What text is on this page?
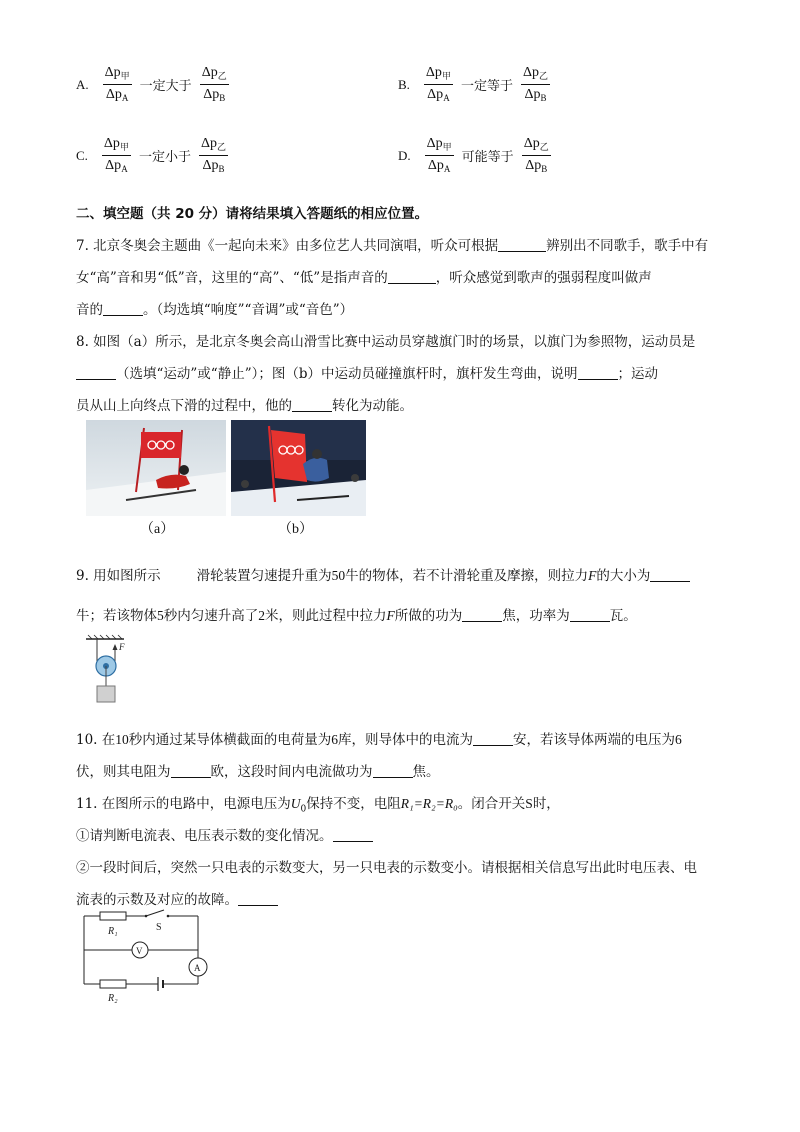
A. $\frac{\Delta p_甲}{\Delta p_A}$ 一定大于 $\frac{\Delta p_乙}{\Delta p_B}$	B. $\frac{\Delta p_甲}{\Delta p_A}$ 一定等于 $\frac{\Delta p_乙}{\Delta p_B}$
C. $\frac{\Delta p_甲}{\Delta p_A}$ 一定小于 $\frac{\Delta p_乙}{\Delta p_B}$	D. $\frac{\Delta p_甲}{\Delta p_A}$ 可能等于 $\frac{\Delta p_乙}{\Delta p_B}$
二、填空题（共 20 分）请将结果填入答题纸的相应位置。
7. 北京冬奥会主题曲《一起向未来》由多位艺人共同演唱，听众可根据	辨别出不同歌手，歌手中有
女“高”音和男“低”音，这里的“高”、“低”是指声音的	，听众感觉到歌声的强弱程度叫做声
音的	。（均选填“响度”“音调”或“音色”）
8. 如图（a）所示，是北京冬奥会高山滑雪比赛中运动员穿越旗门时的场景，以旗门为参照物，运动员是
（选填“运动”或“静止”）；图（b）中运动员碰撞旗杆时，旗杆发生弯曲，说明	；运动
员从山上向终点下滑的过程中，他的	转化为动能。
（a）	（b）
9. 用如图所示	滑轮装置匀速提升重为50牛的物体，若不计滑轮重及摩擦，则拉力F的大小为
牛；若该物体5秒内匀速升高了2米，则此过程中拉力F所做的功为	焦，功率为	瓦。
F
10. 在10秒内通过某导体横截面的电荷量为6库，则导体中的电流为	安，若该导体两端的电压为6
伏，则其电阻为	欧，这段时间内电流做功为	焦。
11. 在图所示的电路中，电源电压为$U_0$保持不变，电阻R₁=R₂=R₀。闭合开关S时，
①请判断电流表、电压表示数的变化情况。
②一段时间后，突然一只电表的示数变大，另一只电表的示数变小。请根据相关信息写出此时电压表、电
流表的示数及对应的故障。
R₁	S
V
A
R₂
